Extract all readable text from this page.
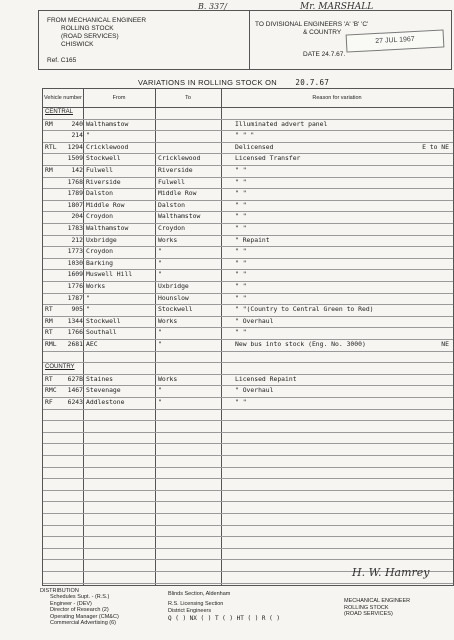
FROM MECHANICAL ENGINEER
ROLLING STOCK
(ROAD SERVICES)
CHISWICK
Ref. C165
TO DIVISIONAL ENGINEERS 'A' 'B' 'C'
& COUNTRY
DATE 24.7.67.
B. 337/	Mr. MARSHALL
27 JUL 1967
VARIATIONS IN ROLLING STOCK ON 20.7.67
Vehicle number	From	To	Reason for variation
CENTRAL
RM	240 Walthamstow	Illuminated advert panel
214 "	" " "
RTL	1294 Cricklewood	Delicensed	E to NE
1509 Stockwell	Cricklewood	Licensed Transfer
RM	142 Fulwell	Riverside	" "
1768 Riverside	Fulwell	" "
1789 Dalston	Middle Row	" "
1807 Middle Row	Dalston	" "
204 Croydon	Walthamstow	" "
1783 Walthamstow	Croydon	" "
212 Uxbridge	Works	" Repaint
1773 Croydon	"	" "
1030 Barking	"	" "
1609 Muswell Hill	"	" "
1776 Works	Uxbridge	" "
1787 "	Hounslow	" "
RT	905 "	Stockwell	" "(Country to Central Green to Red)
RM	1344 Stockwell	Works	" Overhaul
RT	1766 Southall	"	" "
RML	2681 AEC	"	New bus into stock (Eng. No. 3000)	NE
COUNTRY
RT	627B Staines	Works	Licensed Repaint
RMC	1467 Stevenage	"	" Overhaul
RF	6243 Addlestone	"	" "
DISTRIBUTION
Schedules Supt. - (R.S.)
Engineer - (DEV)
Director of Research (2)
Operating Manager (CM&C)
Commercial Advertising (6)
Blinds Section, Aldenham
R.S. Licensing Section
District Engineers
Q ( ) NX ( ) T ( ) HT ( ) R ( )
H. W. Hamrey
MECHANICAL ENGINEER
ROLLING STOCK
(ROAD SERVICES)
